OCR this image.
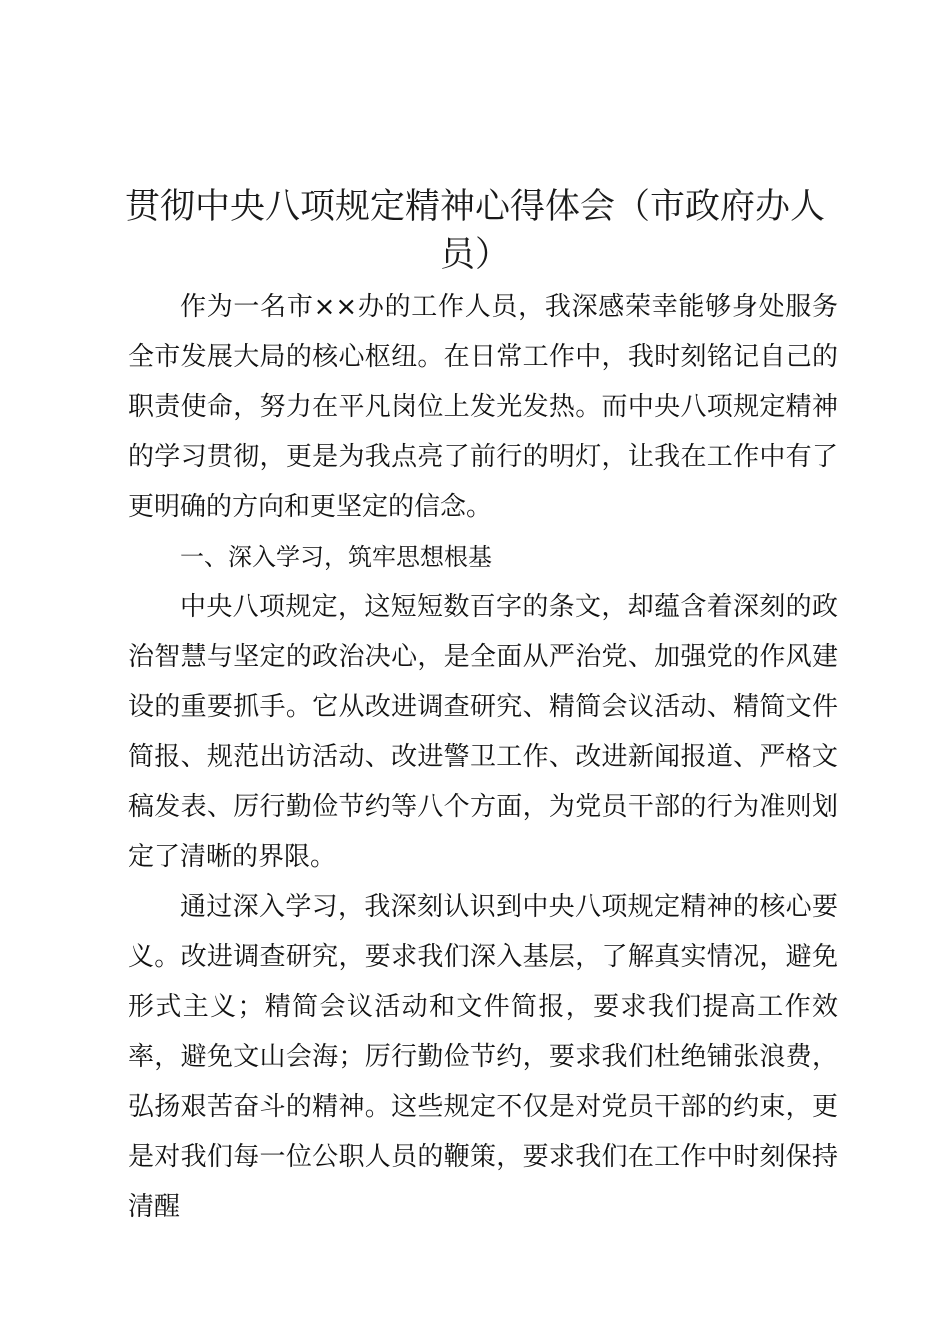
贯彻中央八项规定精神心得体会（市政府办人员）

作为一名市××办的工作人员，我深感荣幸能够身处服务全市发展大局的核心枢纽。在日常工作中，我时刻铭记自己的职责使命，努力在平凡岗位上发光发热。而中央八项规定精神的学习贯彻，更是为我点亮了前行的明灯，让我在工作中有了更明确的方向和更坚定的信念。

一、深入学习，筑牢思想根基

中央八项规定，这短短数百字的条文，却蕴含着深刻的政治智慧与坚定的政治决心，是全面从严治党、加强党的作风建设的重要抓手。它从改进调查研究、精简会议活动、精简文件简报、规范出访活动、改进警卫工作、改进新闻报道、严格文稿发表、厉行勤俭节约等八个方面，为党员干部的行为准则划定了清晰的界限。

通过深入学习，我深刻认识到中央八项规定精神的核心要义。改进调查研究，要求我们深入基层，了解真实情况，避免形式主义；精简会议活动和文件简报，要求我们提高工作效率，避免文山会海；厉行勤俭节约，要求我们杜绝铺张浪费，弘扬艰苦奋斗的精神。这些规定不仅是对党员干部的约束，更是对我们每一位公职人员的鞭策，要求我们在工作中时刻保持清醒
